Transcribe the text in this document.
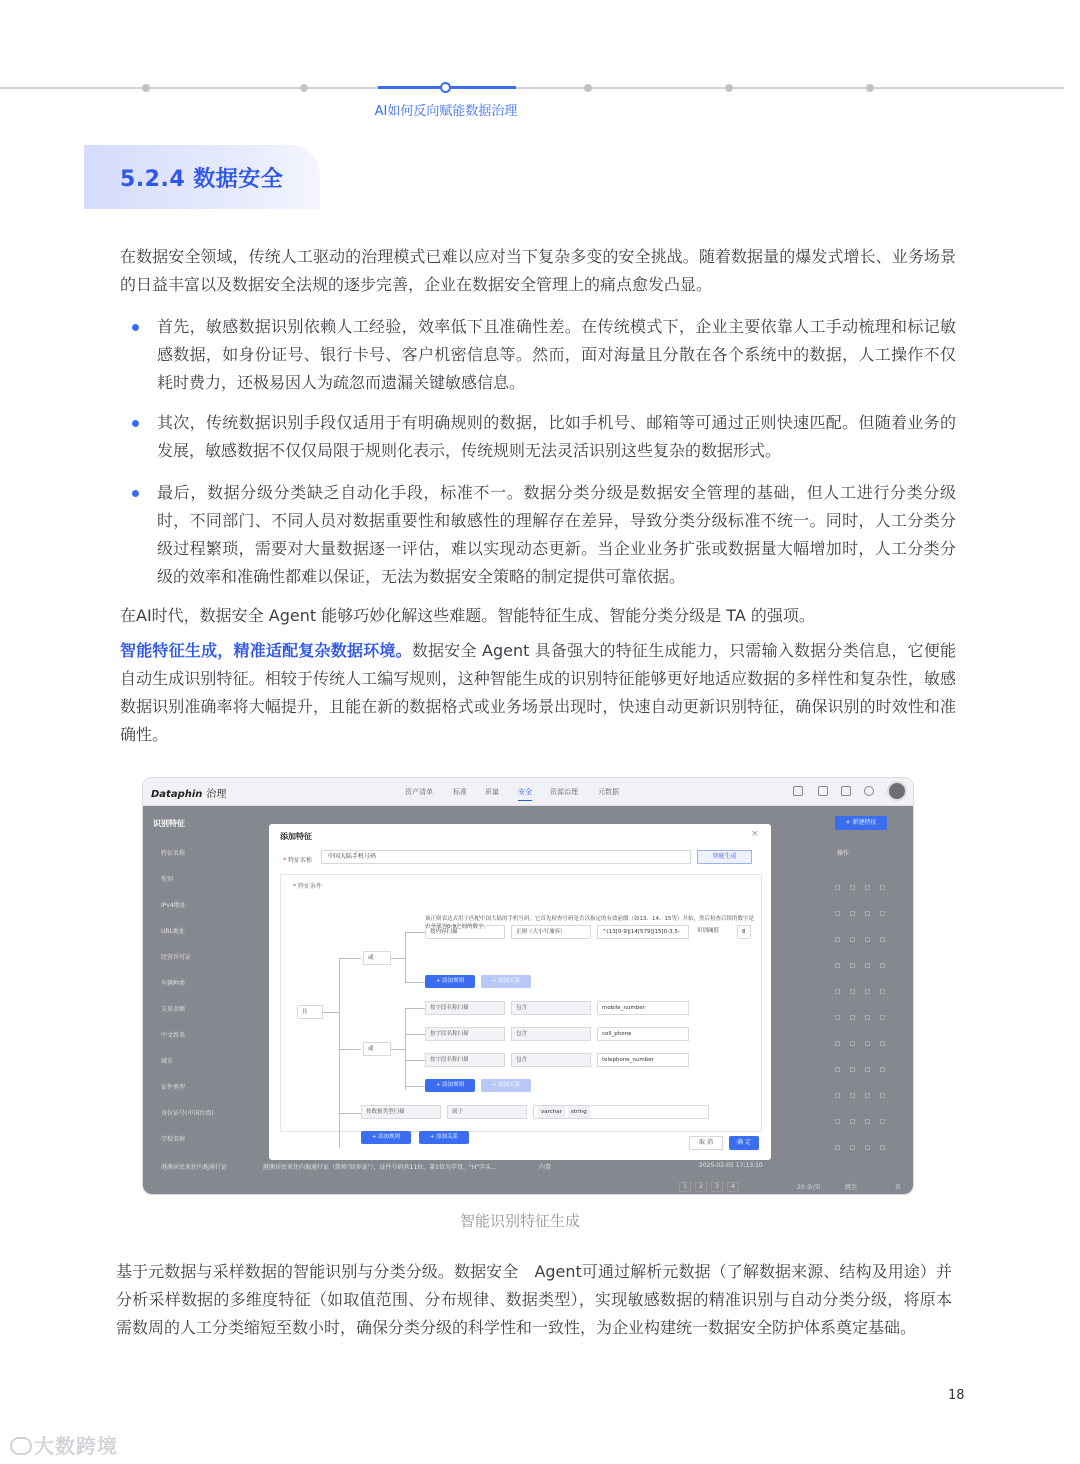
AI如何反向赋能数据治理
5.2.4 数据安全
在数据安全领域，传统人工驱动的治理模式已难以应对当下复杂多变的安全挑战。随着数据量的爆发式增长、业务场景的日益丰富以及数据安全法规的逐步完善，企业在数据安全管理上的痛点愈发凸显。
首先，敏感数据识别依赖人工经验，效率低下且准确性差。在传统模式下，企业主要依靠人工手动梳理和标记敏感数据，如身份证号、银行卡号、客户机密信息等。然而，面对海量且分散在各个系统中的数据，人工操作不仅耗时费力，还极易因人为疏忽而遗漏关键敏感信息。
其次，传统数据识别手段仅适用于有明确规则的数据，比如手机号、邮箱等可通过正则快速匹配。但随着业务的发展，敏感数据不仅仅局限于规则化表示，传统规则无法灵活识别这些复杂的数据形式。
最后，数据分级分类缺乏自动化手段，标准不一。数据分类分级是数据安全管理的基础，但人工进行分类分级时，不同部门、不同人员对数据重要性和敏感性的理解存在差异，导致分类分级标准不统一。同时，人工分类分级过程繁琐，需要对大量数据逐一评估，难以实现动态更新。当企业业务扩张或数据量大幅增加时，人工分类分级的效率和准确性都难以保证，无法为数据安全策略的制定提供可靠依据。
在AI时代，数据安全 Agent 能够巧妙化解这些难题。智能特征生成、智能分类分级是 TA 的强项。
智能特征生成，精准适配复杂数据环境。数据安全 Agent 具备强大的特征生成能力，只需输入数据分类信息，它便能自动生成识别特征。相较于传统人工编写规则，这种智能生成的识别特征能够更好地适应数据的多样性和复杂性，敏感数据识别准确率将大幅提升，且能在新的数据格式或业务场景出现时，快速自动更新识别特征，确保识别的时效性和准确性。
Dataphin 治理	资产清单	标准	质量	安全	资源治理	元数据
识别特征	+ 新建特征
操作
特征名称
性别
IPv4地址
URL地址
经营许可证
车辆种类
交易金额
中文姓名
城市
证件类型
身份证号(中国台湾)
学校名称
港澳居民来往内地通行证	港澳居民来往内地通行证（简称"回乡证"），证件号码共11位，第1位为字母，"H"字头...	内置	2025-02-05 17:13:10
1 2 3 4	20 条/页	跳至	页
添加特征	×
* 特征名称
中国大陆手机号码	智能生成
* 特征条件
且
或
或
按内容扫描	正则（大小写兼容）	^(13[0-9]|14[579]|15[0-3,5-	识别阈值	8
该正则表达式用于匹配中国大陆的手机号码。它首先检查号码是否以指定的有效前缀（如13、14、15等）开始，然后检查后续的数字是否全部为0-9之间的数字。
+ 添加规则	+ 添加关系
按字段名称扫描	包含	mobile_number
按字段名称扫描	包含	cell_phone
按字段名称扫描	包含	telephone_number
+ 添加规则	+ 添加关系
按数据类型扫描	属于	varchar string
+ 添加规则	+ 添加关系
取 消	确 定
智能识别特征生成
基于元数据与采样数据的智能识别与分类分级。数据安全　Agent可通过解析元数据（了解数据来源、结构及用途）并分析采样数据的多维度特征（如取值范围、分布规律、数据类型），实现敏感数据的精准识别与自动分类分级，将原本需数周的人工分类缩短至数小时，确保分类分级的科学性和一致性，为企业构建统一数据安全防护体系奠定基础。
18
大数跨境
